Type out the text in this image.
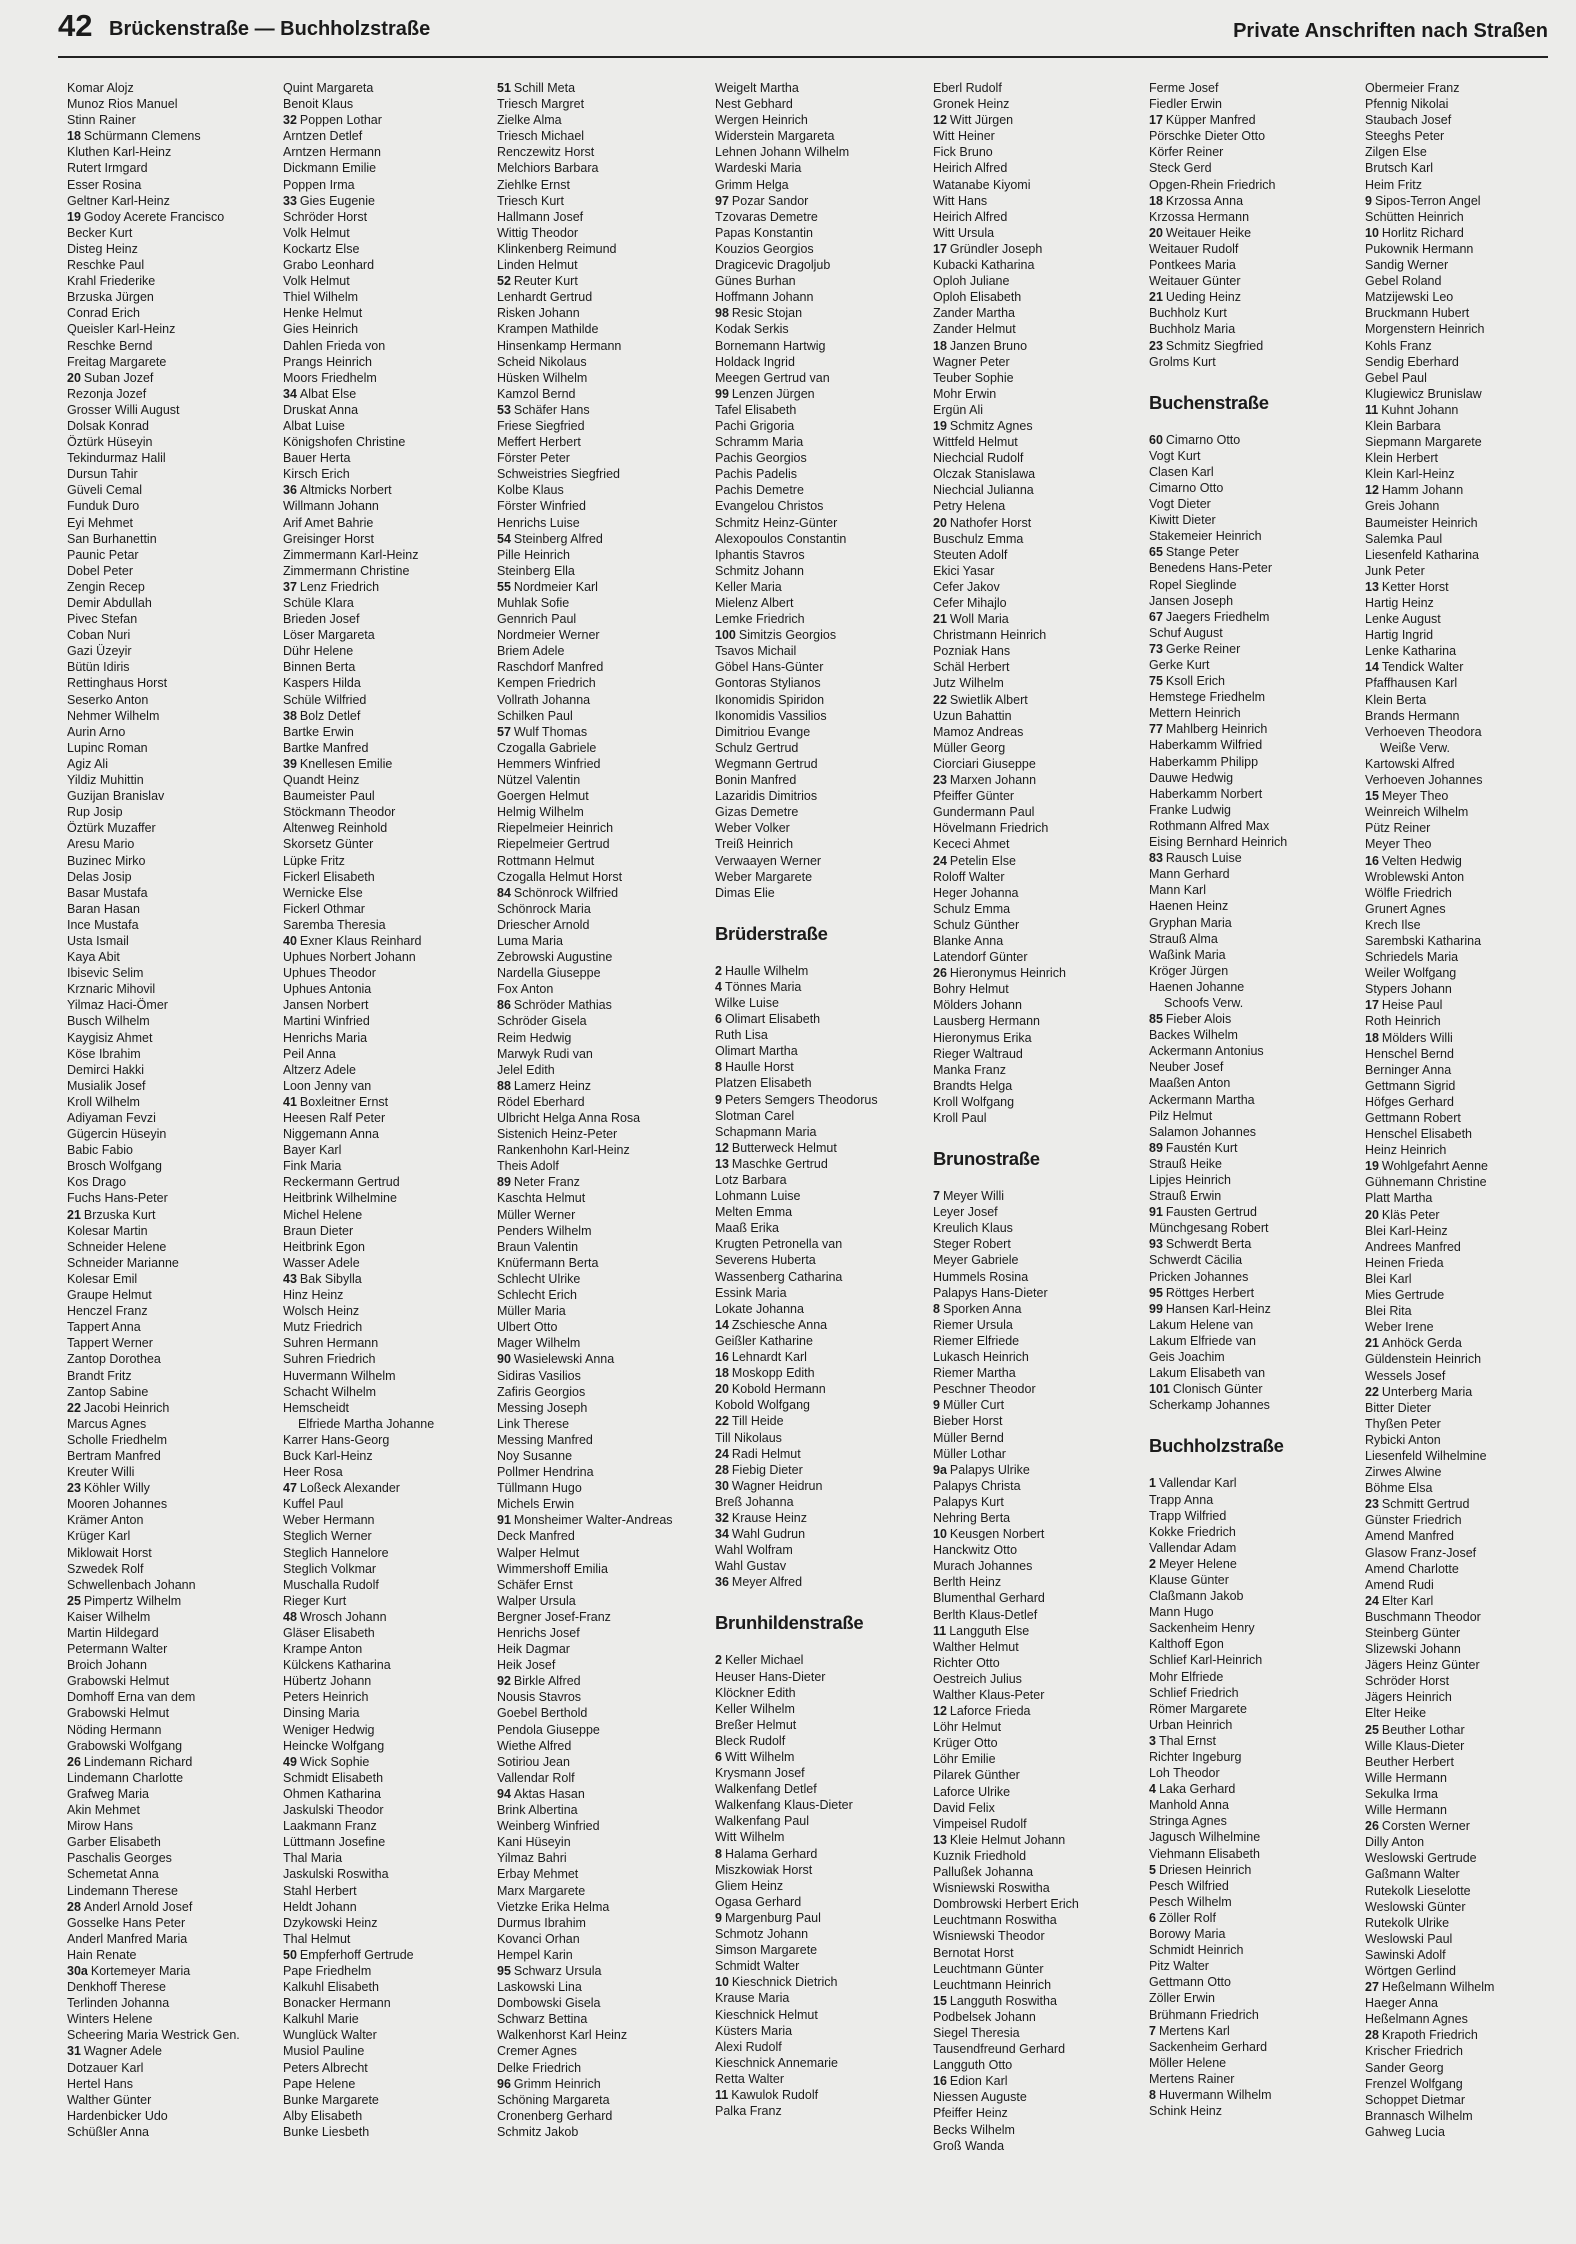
42 Brückenstraße — Buchholzstraße	Private Anschriften nach Straßen
Komar Alojz
Munoz Rios Manuel
Stinn Rainer
18 Schürmann Clemens
Kluthen Karl-Heinz
Rutert Irmgard
Esser Rosina
Geltner Karl-Heinz
19 Godoy Acerete Francisco
Becker Kurt
Disteg Heinz
Reschke Paul
Krahl Friederike
Brzuska Jürgen
Conrad Erich
Queisler Karl-Heinz
Reschke Bernd
Freitag Margarete
20 Suban Jozef
Rezonja Jozef
Grosser Willi August
Dolsak Konrad
Öztürk Hüseyin
Tekindurmaz Halil
Dursun Tahir
Güveli Cemal
Funduk Duro
Eyi Mehmet
San Burhanettin
Paunic Petar
Dobel Peter
Zengin Recep
Demir Abdullah
Pivec Stefan
Coban Nuri
Gazi Üzeyir
Bütün Idiris
Rettinghaus Horst
Seserko Anton
Nehmer Wilhelm
Aurin Arno
Lupinc Roman
Agiz Ali
Yildiz Muhittin
Guzijan Branislav
Rup Josip
Öztürk Muzaffer
Aresu Mario
Buzinec Mirko
Delas Josip
Basar Mustafa
Baran Hasan
Ince Mustafa
Usta Ismail
Kaya Abit
Ibisevic Selim
Krznaric Mihovil
Yilmaz Haci-Ömer
Busch Wilhelm
Kaygisiz Ahmet
Köse Ibrahim
Demirci Hakki
Musialik Josef
Kroll Wilhelm
Adiyaman Fevzi
Gügercin Hüseyin
Babic Fabio
Brosch Wolfgang
Kos Drago
Fuchs Hans-Peter
21 Brzuska Kurt
Kolesar Martin
Schneider Helene
Schneider Marianne
Kolesar Emil
Graupe Helmut
Henczel Franz
Tappert Anna
Tappert Werner
Zantop Dorothea
Brandt Fritz
Zantop Sabine
22 Jacobi Heinrich
Marcus Agnes
Scholle Friedhelm
Bertram Manfred
Kreuter Willi
23 Köhler Willy
Mooren Johannes
Krämer Anton
Krüger Karl
Miklowait Horst
Szwedek Rolf
Schwellenbach Johann
25 Pimpertz Wilhelm
Kaiser Wilhelm
Martin Hildegard
Petermann Walter
Broich Johann
Grabowski Helmut
Domhoff Erna van dem
Grabowski Helmut
Nöding Hermann
Grabowski Wolfgang
26 Lindemann Richard
Lindemann Charlotte
Grafweg Maria
Akin Mehmet
Mirow Hans
Garber Elisabeth
Paschalis Georges
Schemetat Anna
Lindemann Therese
28 Anderl Arnold Josef
Gosselke Hans Peter
Anderl Manfred Maria
Hain Renate
30a Kortemeyer Maria
Denkhoff Therese
Terlinden Johanna
Winters Helene
Scheering Maria Westrick Gen.
31 Wagner Adele
Dotzauer Karl
Hertel Hans
Walther Günter
Hardenbicker Udo
Schüßler Anna
Quint Margareta
Benoit Klaus
32 Poppen Lothar
Arntzen Detlef
Arntzen Hermann
Dickmann Emilie
Poppen Irma
33 Gies Eugenie
Schröder Horst
Volk Helmut
Kockartz Else
Grabo Leonhard
Volk Helmut
Thiel Wilhelm
Henke Helmut
Gies Heinrich
Dahlen Frieda von
Prangs Heinrich
Moors Friedhelm
34 Albat Else
Druskat Anna
Albat Luise
Königshofen Christine
Bauer Herta
Kirsch Erich
36 Altmicks Norbert
Willmann Johann
Arif Amet Bahrie
Greisinger Horst
Zimmermann Karl-Heinz
Zimmermann Christine
37 Lenz Friedrich
Schüle Klara
Brieden Josef
Löser Margareta
Dühr Helene
Binnen Berta
Kaspers Hilda
Schüle Wilfried
38 Bolz Detlef
Bartke Erwin
Bartke Manfred
39 Knellesen Emilie
Quandt Heinz
Baumeister Paul
Stöckmann Theodor
Altenweg Reinhold
Skorsetz Günter
Lüpke Fritz
Fickerl Elisabeth
Wernicke Else
Fickerl Othmar
Saremba Theresia
40 Exner Klaus Reinhard
Uphues Norbert Johann
Uphues Theodor
Uphues Antonia
Jansen Norbert
Martini Winfried
Henrichs Maria
Peil Anna
Altzerz Adele
Loon Jenny van
41 Boxleitner Ernst
Heesen Ralf Peter
Niggemann Anna
Bayer Karl
Fink Maria
Reckermann Gertrud
Heitbrink Wilhelmine
Michel Helene
Braun Dieter
Heitbrink Egon
Wasser Adele
43 Bak Sibylla
Hinz Heinz
Wolsch Heinz
Mutz Friedrich
Suhren Hermann
Suhren Friedrich
Huvermann Wilhelm
Schacht Wilhelm
Hemscheidt
Elfriede Martha Johanne
Karrer Hans-Georg
Buck Karl-Heinz
Heer Rosa
47 Loßeck Alexander
Kuffel Paul
Weber Hermann
Steglich Werner
Steglich Hannelore
Steglich Volkmar
Muschalla Rudolf
Rieger Kurt
48 Wrosch Johann
Gläser Elisabeth
Krampe Anton
Külckens Katharina
Hübertz Johann
Peters Heinrich
Dinsing Maria
Weniger Hedwig
Heincke Wolfgang
49 Wick Sophie
Schmidt Elisabeth
Ohmen Katharina
Jaskulski Theodor
Laakmann Franz
Lüttmann Josefine
Thal Maria
Jaskulski Roswitha
Stahl Herbert
Heldt Johann
Dzykowski Heinz
Thal Helmut
50 Empferhoff Gertrude
Pape Friedhelm
Kalkuhl Elisabeth
Bonacker Hermann
Kalkuhl Marie
Wunglück Walter
Musiol Pauline
Peters Albrecht
Pape Helene
Bunke Margarete
Alby Elisabeth
Bunke Liesbeth
51 Schill Meta
Triesch Margret
Zielke Alma
Triesch Michael
Renczewitz Horst
Melchiors Barbara
Ziehlke Ernst
Triesch Kurt
Hallmann Josef
Wittig Theodor
Klinkenberg Reimund
Linden Helmut
52 Reuter Kurt
Lenhardt Gertrud
Risken Johann
Krampen Mathilde
Hinsenkamp Hermann
Scheid Nikolaus
Hüsken Wilhelm
Kamzol Bernd
53 Schäfer Hans
Friese Siegfried
Meffert Herbert
Förster Peter
Schweistries Siegfried
Kolbe Klaus
Förster Winfried
Henrichs Luise
54 Steinberg Alfred
Pille Heinrich
Steinberg Ella
55 Nordmeier Karl
Muhlak Sofie
Gennrich Paul
Nordmeier Werner
Briem Adele
Raschdorf Manfred
Kempen Friedrich
Vollrath Johanna
Schilken Paul
57 Wulf Thomas
Czogalla Gabriele
Hemmers Winfried
Nützel Valentin
Goergen Helmut
Helmig Wilhelm
Riepelmeier Heinrich
Riepelmeier Gertrud
Rottmann Helmut
Czogalla Helmut Horst
84 Schönrock Wilfried
Schönrock Maria
Driescher Arnold
Luma Maria
Zebrowski Augustine
Nardella Giuseppe
Fox Anton
86 Schröder Mathias
Schröder Gisela
Reim Hedwig
Marwyk Rudi van
Jelel Edith
88 Lamerz Heinz
Rödel Eberhard
Ulbricht Helga Anna Rosa
Sistenich Heinz-Peter
Rankenhohn Karl-Heinz
Theis Adolf
89 Neter Franz
Kaschta Helmut
Müller Werner
Penders Wilhelm
Braun Valentin
Knüfermann Berta
Schlecht Ulrike
Schlecht Erich
Müller Maria
Ulbert Otto
Mager Wilhelm
90 Wasielewski Anna
Sidiras Vasilios
Zafiris Georgios
Messing Joseph
Link Therese
Messing Manfred
Noy Susanne
Pollmer Hendrina
Tüllmann Hugo
Michels Erwin
91 Monsheimer Walter-Andreas
Deck Manfred
Walper Helmut
Wimmershoff Emilia
Schäfer Ernst
Walper Ursula
Bergner Josef-Franz
Henrichs Josef
Heik Dagmar
Heik Josef
92 Birkle Alfred
Nousis Stavros
Goebel Berthold
Pendola Giuseppe
Wiethe Alfred
Sotiriou Jean
Vallendar Rolf
94 Aktas Hasan
Brink Albertina
Weinberg Winfried
Kani Hüseyin
Yilmaz Bahri
Erbay Mehmet
Marx Margarete
Vietzke Erika Helma
Durmus Ibrahim
Kovanci Orhan
Hempel Karin
95 Schwarz Ursula
Laskowski Lina
Dombowski Gisela
Schwarz Bettina
Walkenhorst Karl Heinz
Cremer Agnes
Delke Friedrich
96 Grimm Heinrich
Schöning Margareta
Cronenberg Gerhard
Schmitz Jakob
Weigelt Martha
Nest Gebhard
Wergen Heinrich
Widerstein Margareta
Lehnen Johann Wilhelm
Wardeski Maria
Grimm Helga
97 Pozar Sandor
Tzovaras Demetre
Papas Konstantin
Kouzios Georgios
Dragicevic Dragoljub
Günes Burhan
Hoffmann Johann
98 Resic Stojan
Kodak Serkis
Bornemann Hartwig
Holdack Ingrid
Meegen Gertrud van
99 Lenzen Jürgen
Tafel Elisabeth
Pachi Grigoria
Schramm Maria
Pachis Georgios
Pachis Padelis
Pachis Demetre
Evangelou Christos
Schmitz Heinz-Günter
Alexopoulos Constantin
Iphantis Stavros
Schmitz Johann
Keller Maria
Mielenz Albert
Lemke Friedrich
100 Simitzis Georgios
Tsavos Michail
Göbel Hans-Günter
Gontoras Stylianos
Ikonomidis Spiridon
Ikonomidis Vassilios
Dimitriou Evange
Schulz Gertrud
Wegmann Gertrud
Bonin Manfred
Lazaridis Dimitrios
Gizas Demetre
Weber Volker
Treiß Heinrich
Verwaayen Werner
Weber Margarete
Dimas Elie
Brüderstraße
2 Haulle Wilhelm
4 Tönnes Maria
Wilke Luise
6 Olimart Elisabeth
Ruth Lisa
Olimart Martha
8 Haulle Horst
Platzen Elisabeth
9 Peters Semgers Theodorus
Slotman Carel
Schapmann Maria
12 Butterweck Helmut
13 Maschke Gertrud
Lotz Barbara
Lohmann Luise
Melten Emma
Maaß Erika
Krugten Petronella van
Severens Huberta
Wassenberg Catharina
Essink Maria
Lokate Johanna
14 Zschiesche Anna
Geißler Katharine
16 Lehnardt Karl
18 Moskopp Edith
20 Kobold Hermann
Kobold Wolfgang
22 Till Heide
Till Nikolaus
24 Radi Helmut
28 Fiebig Dieter
30 Wagner Heidrun
Breß Johanna
32 Krause Heinz
34 Wahl Gudrun
Wahl Wolfram
Wahl Gustav
36 Meyer Alfred
Brunhildenstraße
2 Keller Michael
Heuser Hans-Dieter
Klöckner Edith
Keller Wilhelm
Breßer Helmut
Bleck Rudolf
6 Witt Wilhelm
Krysmann Josef
Walkenfang Detlef
Walkenfang Klaus-Dieter
Walkenfang Paul
Witt Wilhelm
8 Halama Gerhard
Miszkowiak Horst
Gliem Heinz
Ogasa Gerhard
9 Margenburg Paul
Schmotz Johann
Simson Margarete
Schmidt Walter
10 Kieschnick Dietrich
Krause Maria
Kieschnick Helmut
Küsters Maria
Alexi Rudolf
Kieschnick Annemarie
Retta Walter
11 Kawulok Rudolf
Palka Franz
Eberl Rudolf
Gronek Heinz
12 Witt Jürgen
Witt Heiner
Fick Bruno
Heirich Alfred
Watanabe Kiyomi
Witt Hans
Heirich Alfred
Witt Ursula
17 Gründler Joseph
Kubacki Katharina
Oploh Juliane
Oploh Elisabeth
Zander Martha
Zander Helmut
18 Janzen Bruno
Wagner Peter
Teuber Sophie
Mohr Erwin
Ergün Ali
19 Schmitz Agnes
Wittfeld Helmut
Niechcial Rudolf
Olczak Stanislawa
Niechcial Julianna
Petry Helena
20 Nathofer Horst
Buschulz Emma
Steuten Adolf
Ekici Yasar
Cefer Jakov
Cefer Mihajlo
21 Woll Maria
Christmann Heinrich
Pozniak Hans
Schäl Herbert
Jutz Wilhelm
22 Swietlik Albert
Uzun Bahattin
Mamoz Andreas
Müller Georg
Ciorciari Giuseppe
23 Marxen Johann
Pfeiffer Günter
Gundermann Paul
Hövelmann Friedrich
Kececi Ahmet
24 Petelin Else
Roloff Walter
Heger Johanna
Schulz Emma
Schulz Günther
Blanke Anna
Latendorf Günter
26 Hieronymus Heinrich
Bohry Helmut
Mölders Johann
Lausberg Hermann
Hieronymus Erika
Rieger Waltraud
Manka Franz
Brandts Helga
Kroll Wolfgang
Kroll Paul
Brunostraße
7 Meyer Willi
Leyer Josef
Kreulich Klaus
Steger Robert
Meyer Gabriele
Hummels Rosina
Palapys Hans-Dieter
8 Sporken Anna
Riemer Ursula
Riemer Elfriede
Lukasch Heinrich
Riemer Martha
Peschner Theodor
9 Müller Curt
Bieber Horst
Müller Bernd
Müller Lothar
9a Palapys Ulrike
Palapys Christa
Palapys Kurt
Nehring Berta
10 Keusgen Norbert
Hanckwitz Otto
Murach Johannes
Berlth Heinz
Blumenthal Gerhard
Berlth Klaus-Detlef
11 Langguth Else
Walther Helmut
Richter Otto
Oestreich Julius
Walther Klaus-Peter
12 Laforce Frieda
Löhr Helmut
Krüger Otto
Löhr Emilie
Pilarek Günther
Laforce Ulrike
David Felix
Vimpeisel Rudolf
13 Kleie Helmut Johann
Kuznik Friedhold
Pallußek Johanna
Wisniewski Roswitha
Dombrowski Herbert Erich
Leuchtmann Roswitha
Wisniewski Theodor
Bernotat Horst
Leuchtmann Günter
Leuchtmann Heinrich
15 Langguth Roswitha
Podbelsek Johann
Siegel Theresia
Tausendfreund Gerhard
Langguth Otto
16 Edion Karl
Niessen Auguste
Pfeiffer Heinz
Becks Wilhelm
Groß Wanda
Ferme Josef
Fiedler Erwin
17 Küpper Manfred
Pörschke Dieter Otto
Körfer Reiner
Steck Gerd
Opgen-Rhein Friedrich
18 Krzossa Anna
Krzossa Hermann
20 Weitauer Heike
Weitauer Rudolf
Pontkees Maria
Weitauer Günter
21 Ueding Heinz
Buchholz Kurt
Buchholz Maria
23 Schmitz Siegfried
Grolms Kurt
Buchenstraße
60 Cimarno Otto
Vogt Kurt
Clasen Karl
Cimarno Otto
Vogt Dieter
Kiwitt Dieter
Stakemeier Heinrich
65 Stange Peter
Benedens Hans-Peter
Ropel Sieglinde
Jansen Joseph
67 Jaegers Friedhelm
Schuf August
73 Gerke Reiner
Gerke Kurt
75 Ksoll Erich
Hemstege Friedhelm
Mettern Heinrich
77 Mahlberg Heinrich
Haberkamm Wilfried
Haberkamm Philipp
Dauwe Hedwig
Haberkamm Norbert
Franke Ludwig
Rothmann Alfred Max
Eising Bernhard Heinrich
83 Rausch Luise
Mann Gerhard
Mann Karl
Haenen Heinz
Gryphan Maria
Strauß Alma
Waßink Maria
Kröger Jürgen
Haenen Johanne
Schoofs Verw.
85 Fieber Alois
Backes Wilhelm
Ackermann Antonius
Neuber Josef
Maaßen Anton
Ackermann Martha
Pilz Helmut
Salamon Johannes
89 Faustén Kurt
Strauß Heike
Lipjes Heinrich
Strauß Erwin
91 Fausten Gertrud
Münchgesang Robert
93 Schwerdt Berta
Schwerdt Cäcilia
Pricken Johannes
95 Röttges Herbert
99 Hansen Karl-Heinz
Lakum Helene van
Lakum Elfriede van
Geis Joachim
Lakum Elisabeth van
101 Clonisch Günter
Scherkamp Johannes
Buchholzstraße
1 Vallendar Karl
Trapp Anna
Trapp Wilfried
Kokke Friedrich
Vallendar Adam
2 Meyer Helene
Klause Günter
Claßmann Jakob
Mann Hugo
Sackenheim Henry
Kalthoff Egon
Schlief Karl-Heinrich
Mohr Elfriede
Schlief Friedrich
Römer Margarete
Urban Heinrich
3 Thal Ernst
Richter Ingeburg
Loh Theodor
4 Laka Gerhard
Manhold Anna
Stringa Agnes
Jagusch Wilhelmine
Viehmann Elisabeth
5 Driesen Heinrich
Pesch Wilfried
Pesch Wilhelm
6 Zöller Rolf
Borowy Maria
Schmidt Heinrich
Pitz Walter
Gettmann Otto
Zöller Erwin
Brühmann Friedrich
7 Mertens Karl
Sackenheim Gerhard
Möller Helene
Mertens Rainer
8 Huvermann Wilhelm
Schink Heinz
Obermeier Franz
Pfennig Nikolai
Staubach Josef
Steeghs Peter
Zilgen Else
Brutsch Karl
Heim Fritz
9 Sipos-Terron Angel
Schütten Heinrich
10 Horlitz Richard
Pukownik Hermann
Sandig Werner
Gebel Roland
Matzijewski Leo
Bruckmann Hubert
Morgenstern Heinrich
Kohls Franz
Sendig Eberhard
Gebel Paul
Klugiewicz Brunislaw
11 Kuhnt Johann
Klein Barbara
Siepmann Margarete
Klein Herbert
Klein Karl-Heinz
12 Hamm Johann
Greis Johann
Baumeister Heinrich
Salemka Paul
Liesenfeld Katharina
Junk Peter
13 Ketter Horst
Hartig Heinz
Lenke August
Hartig Ingrid
Lenke Katharina
14 Tendick Walter
Pfaffhausen Karl
Klein Berta
Brands Hermann
Verhoeven Theodora
Weiße Verw.
Kartowski Alfred
Verhoeven Johannes
15 Meyer Theo
Weinreich Wilhelm
Pütz Reiner
Meyer Theo
16 Velten Hedwig
Wroblewski Anton
Wölfle Friedrich
Grunert Agnes
Krech Ilse
Sarembski Katharina
Schriedels Maria
Weiler Wolfgang
Stypers Johann
17 Heise Paul
Roth Heinrich
18 Mölders Willi
Henschel Bernd
Berninger Anna
Gettmann Sigrid
Höfges Gerhard
Gettmann Robert
Henschel Elisabeth
Heinz Heinrich
19 Wohlgefahrt Aenne
Gühnemann Christine
Platt Martha
20 Kläs Peter
Blei Karl-Heinz
Andrees Manfred
Heinen Frieda
Blei Karl
Mies Gertrude
Blei Rita
Weber Irene
21 Anhöck Gerda
Güldenstein Heinrich
Wessels Josef
22 Unterberg Maria
Bitter Dieter
Thyßen Peter
Rybicki Anton
Liesenfeld Wilhelmine
Zirwes Alwine
Böhme Elsa
23 Schmitt Gertrud
Günster Friedrich
Amend Manfred
Glasow Franz-Josef
Amend Charlotte
Amend Rudi
24 Elter Karl
Buschmann Theodor
Steinberg Günter
Slizewski Johann
Jägers Heinz Günter
Schröder Horst
Jägers Heinrich
Elter Heike
25 Beuther Lothar
Wille Klaus-Dieter
Beuther Herbert
Wille Hermann
Sekulka Irma
Wille Hermann
26 Corsten Werner
Dilly Anton
Weslowski Gertrude
Gaßmann Walter
Rutekolk Lieselotte
Weslowski Günter
Rutekolk Ulrike
Weslowski Paul
Sawinski Adolf
Wörtgen Gerlind
27 Heßelmann Wilhelm
Haeger Anna
Heßelmann Agnes
28 Krapoth Friedrich
Krischer Friedrich
Sander Georg
Frenzel Wolfgang
Schoppet Dietmar
Brannasch Wilhelm
Gahweg Lucia
